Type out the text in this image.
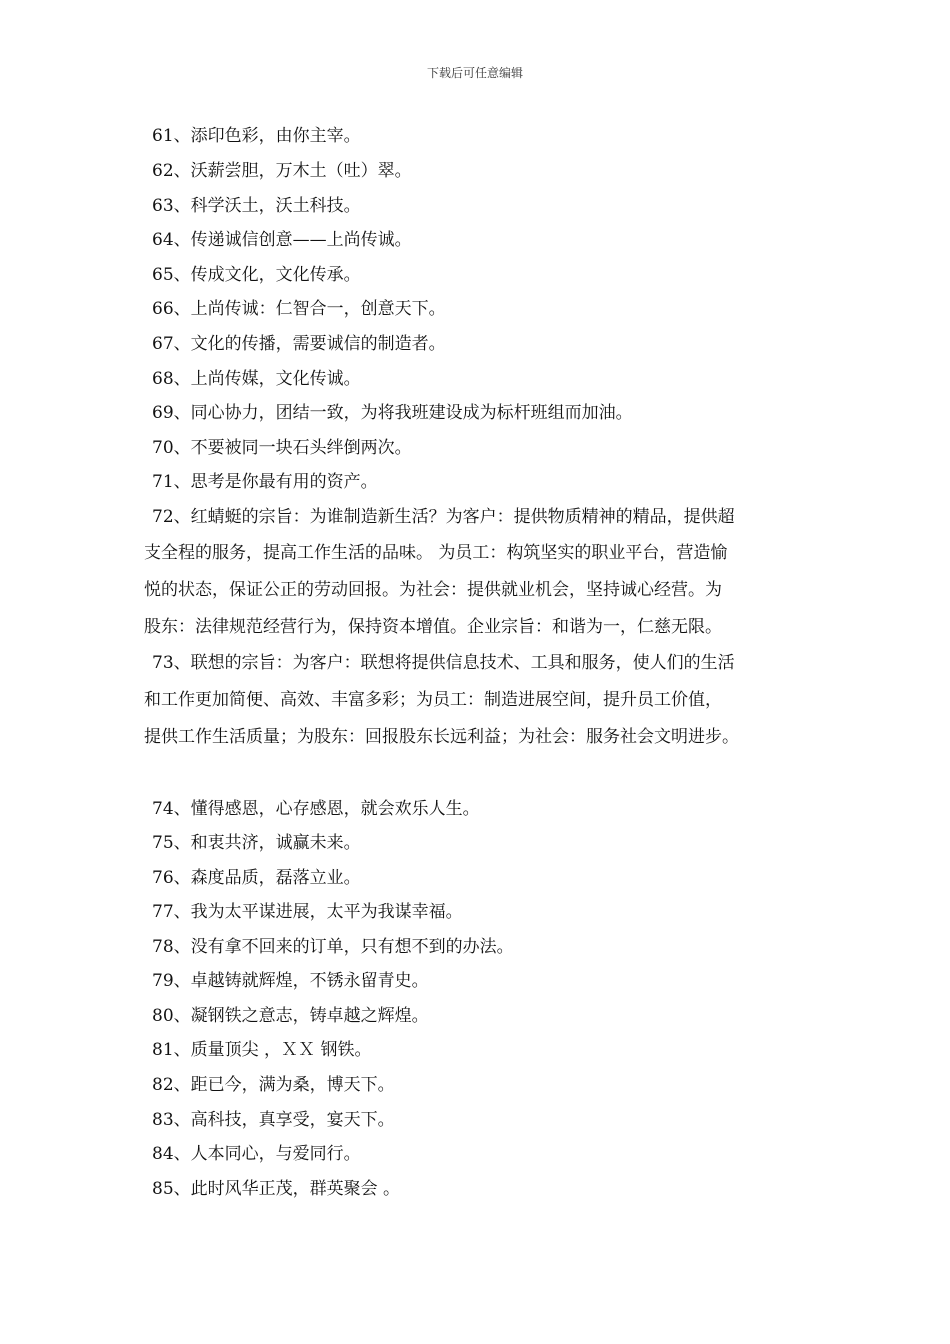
下载后可任意编辑
61、添印色彩，由你主宰。
62、沃薪尝胆，万木土（吐）翠。
63、科学沃土，沃土科技。
64、传递诚信创意——上尚传诚。
65、传成文化，文化传承。
66、上尚传诚：仁智合一，创意天下。
67、文化的传播，需要诚信的制造者。
68、上尚传媒，文化传诚。
69、同心协力，团结一致，为将我班建设成为标杆班组而加油。
70、不要被同一块石头绊倒两次。
71、思考是你最有用的资产。
72、红蜻蜓的宗旨：为谁制造新生活？为客户：提供物质精神的精品，提供超
支全程的服务，提高工作生活的品味。 为员工：构筑坚实的职业平台，营造愉
悦的状态，保证公正的劳动回报。为社会：提供就业机会，坚持诚心经营。为
股东：法律规范经营行为，保持资本增值。企业宗旨：和谐为一，仁慈无限。
73、联想的宗旨：为客户：联想将提供信息技术、工具和服务，使人们的生活
和工作更加简便、高效、丰富多彩；为员工：制造进展空间，提升员工价值，
提供工作生活质量；为股东：回报股东长远利益；为社会：服务社会文明进步。
74、懂得感恩，心存感恩，就会欢乐人生。
75、和衷共济，诚赢未来。
76、森度品质，磊落立业。
77、我为太平谋进展，太平为我谋幸福。
78、没有拿不回来的订单，只有想不到的办法。
79、卓越铸就辉煌，不锈永留青史。
80、凝钢铁之意志，铸卓越之辉煌。
81、质量顶尖 ，ＸＸ 钢铁。
82、距已今，满为桑，博天下。
83、高科技，真享受，宴天下。
84、人本同心，与爱同行。
85、此时风华正茂，群英聚会 。
